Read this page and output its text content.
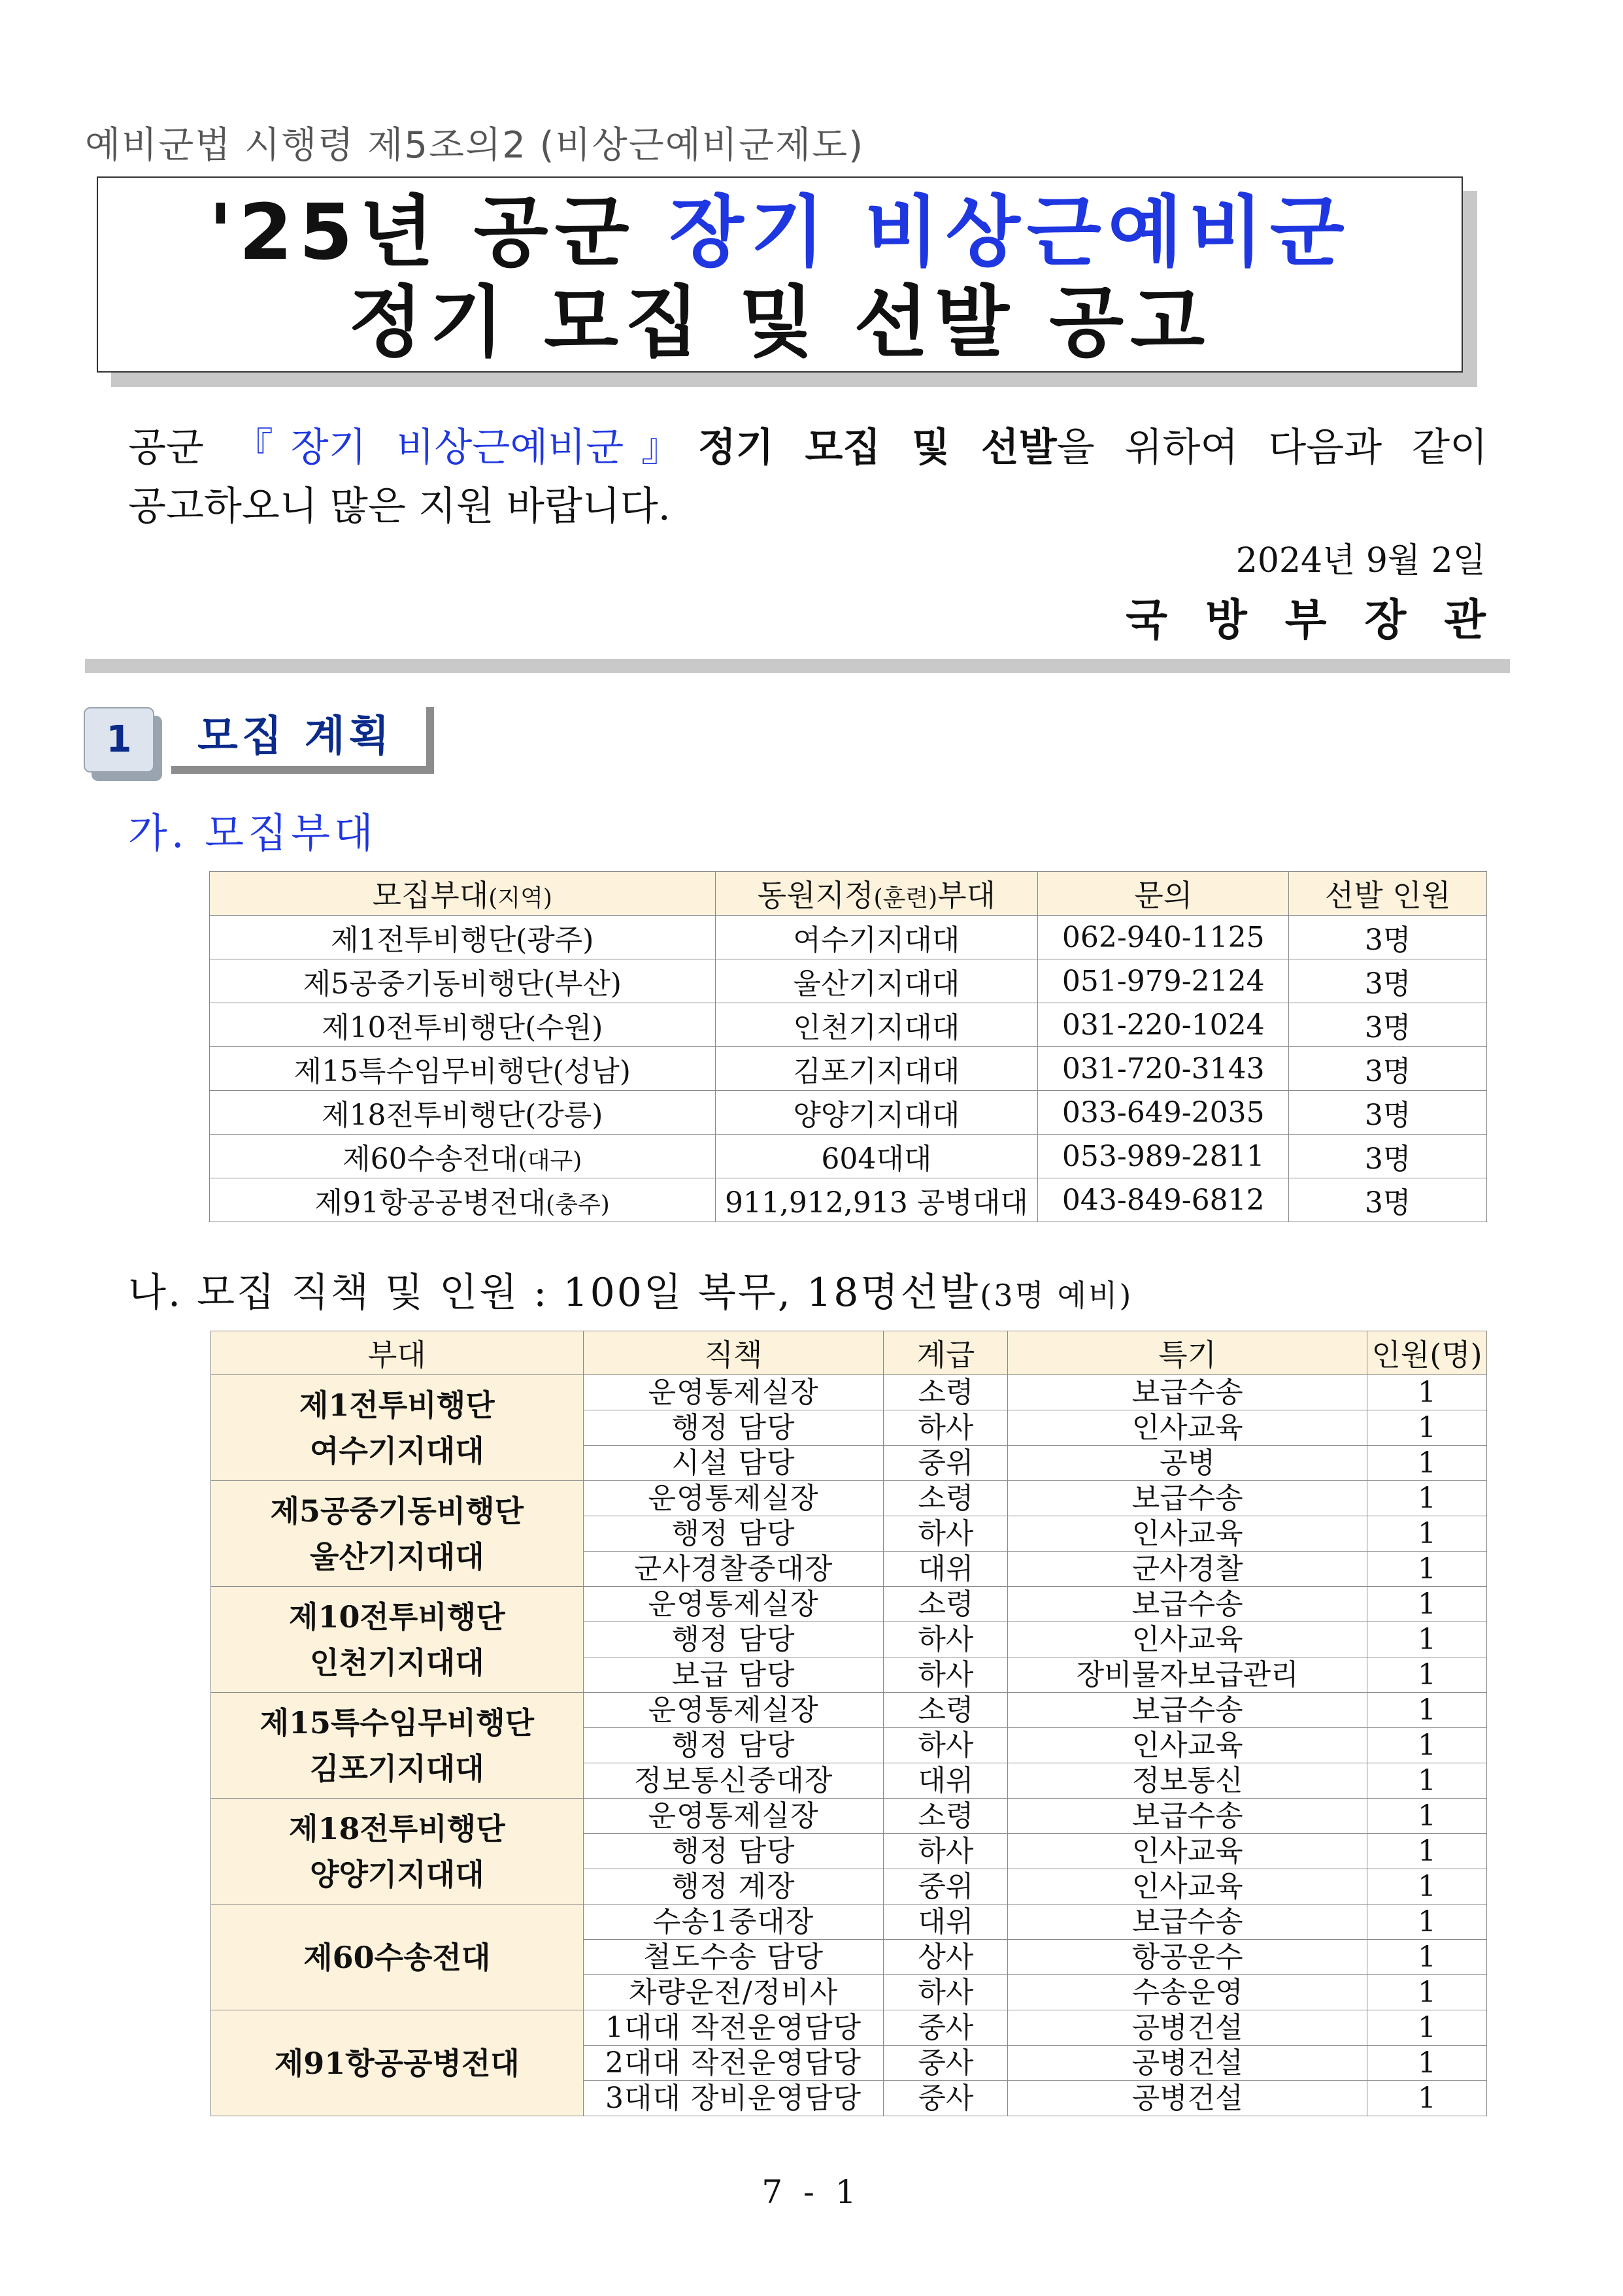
예비군법 시행령 제5조의2 (비상근예비군제도)
'25년 공군 장기 비상근예비군
정기 모집 및 선발 공고
공군 『장기 비상근예비군』정기 모집 및 선발을 위하여 다음과 같이
공고하오니 많은 지원 바랍니다.
2024년 9월 2일
국방부장관
1	모집 계획
가. 모집부대
모집부대(지역)	동원지정(훈련)부대	문의	선발 인원
제1전투비행단(광주)	여수기지대대	062-940-1125	3명
제5공중기동비행단(부산)	울산기지대대	051-979-2124	3명
제10전투비행단(수원)	인천기지대대	031-220-1024	3명
제15특수임무비행단(성남)	김포기지대대	031-720-3143	3명
제18전투비행단(강릉)	양양기지대대	033-649-2035	3명
제60수송전대(대구)	604대대	053-989-2811	3명
제91항공공병전대(충주)	911,912,913 공병대대	043-849-6812	3명
나. 모집 직책 및 인원 : 100일 복무, 18명선발(3명 예비)
부대	직책	계급	특기	인원(명)

제1전투비행단
여수기지대대	운영통제실장	소령	보급수송	1
	행정 담당	하사	인사교육	1
	시설 담당	중위	공병	1

제5공중기동비행단
울산기지대대	운영통제실장	소령	보급수송	1
	행정 담당	하사	인사교육	1
	군사경찰중대장	대위	군사경찰	1

제10전투비행단
인천기지대대	운영통제실장	소령	보급수송	1
	행정 담당	하사	인사교육	1
	보급 담당	하사	장비물자보급관리	1

제15특수임무비행단
김포기지대대	운영통제실장	소령	보급수송	1
	행정 담당	하사	인사교육	1
	정보통신중대장	대위	정보통신	1

제18전투비행단
양양기지대대	운영통제실장	소령	보급수송	1
	행정 담당	하사	인사교육	1
	행정 계장	중위	인사교육	1

제60수송전대	수송1중대장	대위	보급수송	1
	철도수송 담당	상사	항공운수	1
	차량운전/정비사	하사	수송운영	1

제91항공공병전대	1대대 작전운영담당	중사	공병건설	1
	2대대 작전운영담당	중사	공병건설	1
	3대대 장비운영담당	중사	공병건설	1
7 - 1
